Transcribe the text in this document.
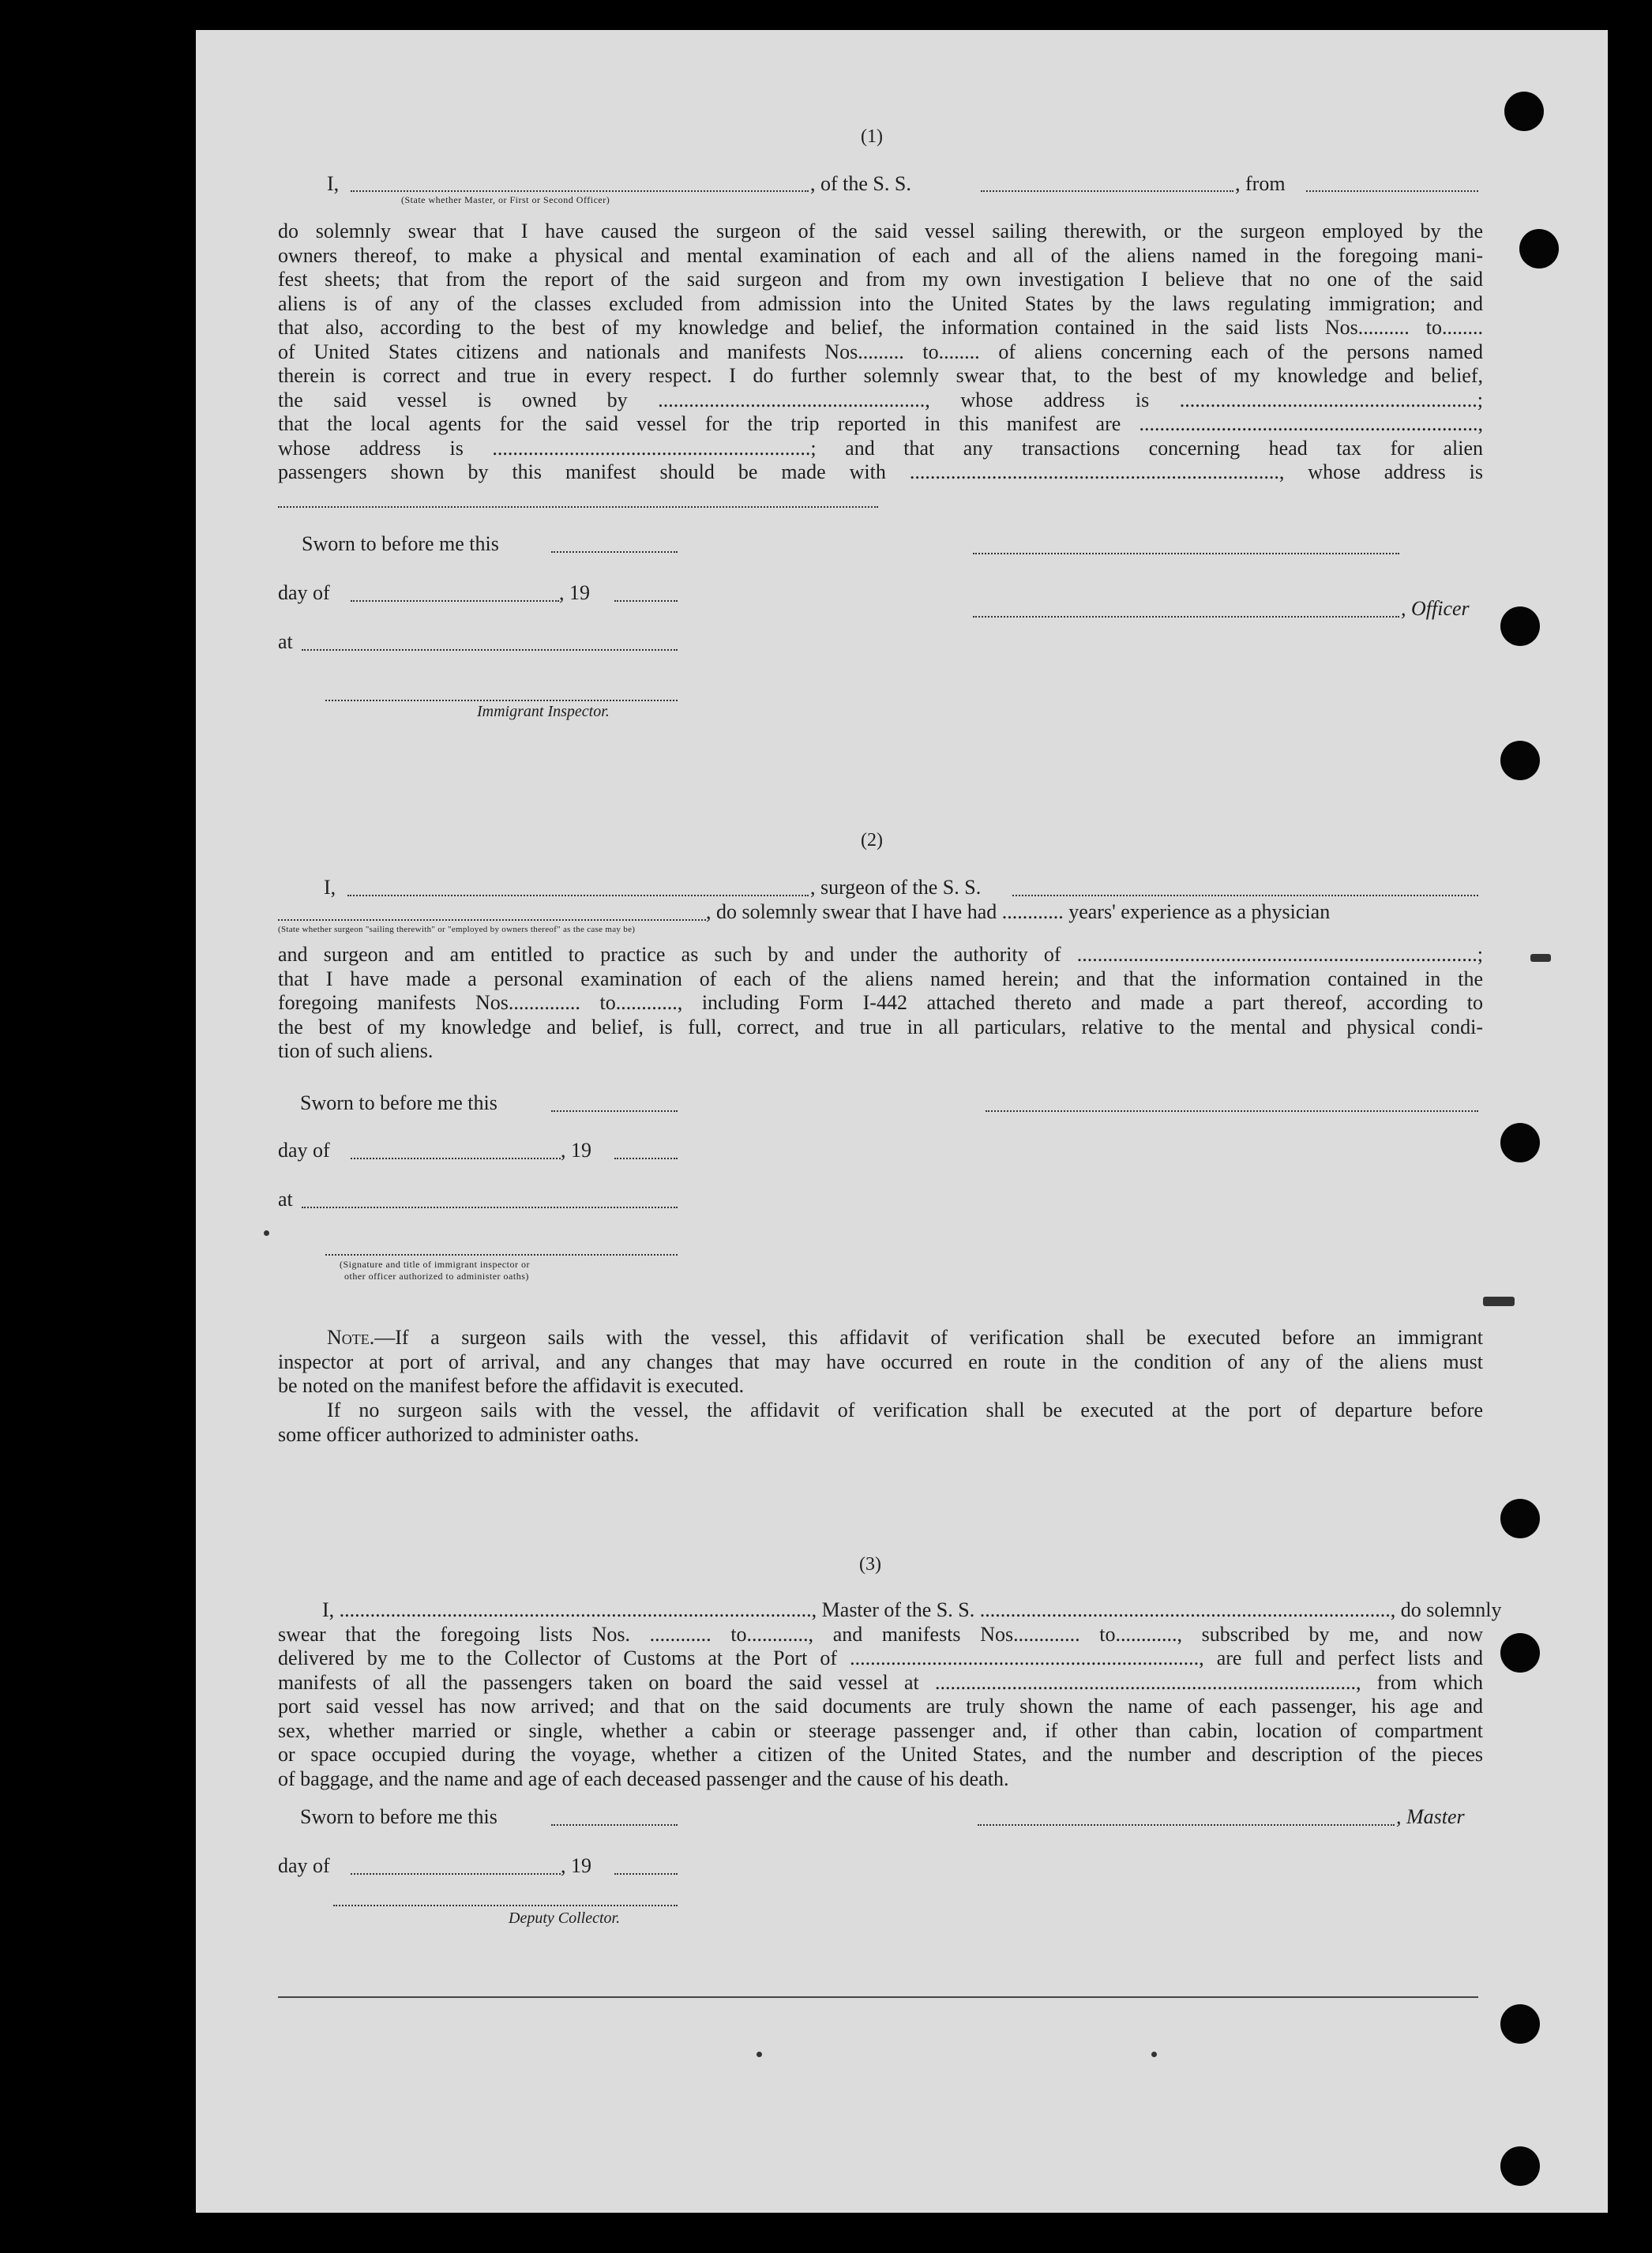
(1)
I,	, of the S. S.	, from
(State whether Master, or First or Second Officer)
do solemnly swear that I have caused the surgeon of the said vessel sailing therewith, or the surgeon employed by the
owners thereof, to make a physical and mental examination of each and all of the aliens named in the foregoing mani-
fest sheets; that from the report of the said surgeon and from my own investigation I believe that no one of the said
aliens is of any of the classes excluded from admission into the United States by the laws regulating immigration; and
that also, according to the best of my knowledge and belief, the information contained in the said lists Nos.......... to........
of United States citizens and nationals and manifests Nos......... to........ of aliens concerning each of the persons named
therein is correct and true in every respect. I do further solemnly swear that, to the best of my knowledge and belief,
the said vessel is owned by ...................................................., whose address is ..........................................................;
that the local agents for the said vessel for the trip reported in this manifest are ..................................................................,
whose address is ..............................................................; and that any transactions concerning head tax for alien
passengers shown by this manifest should be made with ........................................................................, whose address is
Sworn to before me this
day of	, 19
, Officer
at
Immigrant Inspector.
(2)
I,	, surgeon of the S. S.
, do solemnly swear that I have had ............ years' experience as a physician
(State whether surgeon "sailing therewith" or "employed by owners thereof" as the case may be)
and surgeon and am entitled to practice as such by and under the authority of ..............................................................................;
that I have made a personal examination of each of the aliens named herein; and that the information contained in the
foregoing manifests Nos.............. to............, including Form I-442 attached thereto and made a part thereof, according to
the best of my knowledge and belief, is full, correct, and true in all particulars, relative to the mental and physical condi-
tion of such aliens.
Sworn to before me this
day of	, 19
at
(Signature and title of immigrant inspector or
other officer authorized to administer oaths)
Note.—If a surgeon sails with the vessel, this affidavit of verification shall be executed before an immigrant
inspector at port of arrival, and any changes that may have occurred en route in the condition of any of the aliens must
be noted on the manifest before the affidavit is executed.
If no surgeon sails with the vessel, the affidavit of verification shall be executed at the port of departure before
some officer authorized to administer oaths.
(3)
I, ............................................................................................, Master of the S. S. ................................................................................, do solemnly
swear that the foregoing lists Nos. ............ to............, and manifests Nos............. to............, subscribed by me, and now
delivered by me to the Collector of Customs at the Port of ...................................................................., are full and perfect lists and
manifests of all the passengers taken on board the said vessel at .................................................................................., from which
port said vessel has now arrived; and that on the said documents are truly shown the name of each passenger, his age and
sex, whether married or single, whether a cabin or steerage passenger and, if other than cabin, location of compartment
or space occupied during the voyage, whether a citizen of the United States, and the number and description of the pieces
of baggage, and the name and age of each deceased passenger and the cause of his death.
Sworn to before me this	, Master
day of	, 19
Deputy Collector.
